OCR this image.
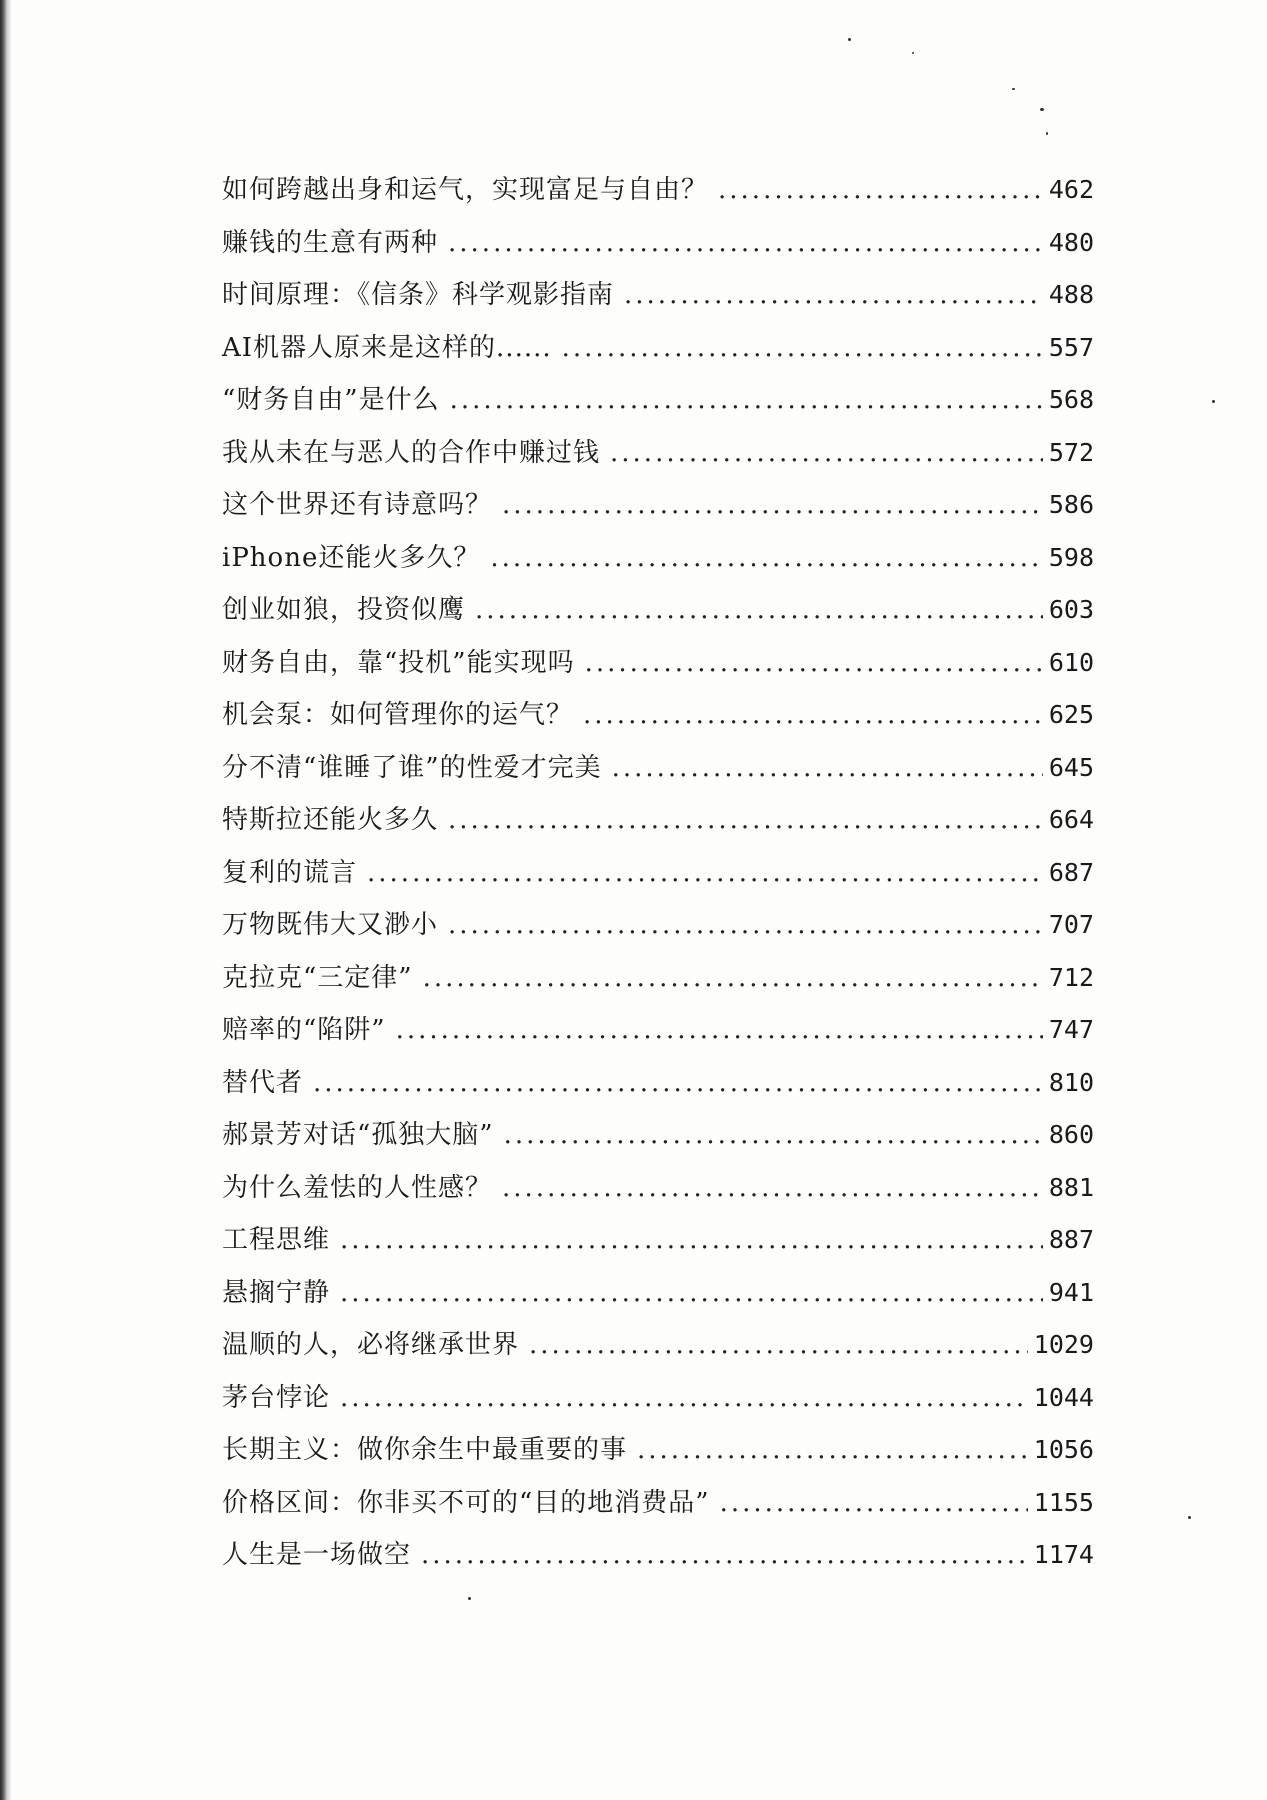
如何跨越出身和运气，实现富足与自由？ .....	462
赚钱的生意有两种 .....	480
时间原理：《信条》科学观影指南 .....	488
AI机器人原来是这样的...... .....	557
“财务自由”是什么 .....	568
我从未在与恶人的合作中赚过钱 .....	572
这个世界还有诗意吗？ .....	586
iPhone还能火多久？ .....	598
创业如狼，投资似鹰 .....	603
财务自由，靠“投机”能实现吗 .....	610
机会泵：如何管理你的运气？ .....	625
分不清“谁睡了谁”的性爱才完美 .....	645
特斯拉还能火多久 .....	664
复利的谎言 .....	687
万物既伟大又渺小 .....	707
克拉克“三定律” .....	712
赔率的“陷阱” .....	747
替代者 .....	810
郝景芳对话“孤独大脑” .....	860
为什么羞怯的人性感？ .....	881
工程思维 .....	887
悬搁宁静 .....	941
温顺的人，必将继承世界 .....	1029
茅台悖论 .....	1044
长期主义：做你余生中最重要的事 .....	1056
价格区间：你非买不可的“目的地消费品” .....	1155
人生是一场做空 .....	1174
